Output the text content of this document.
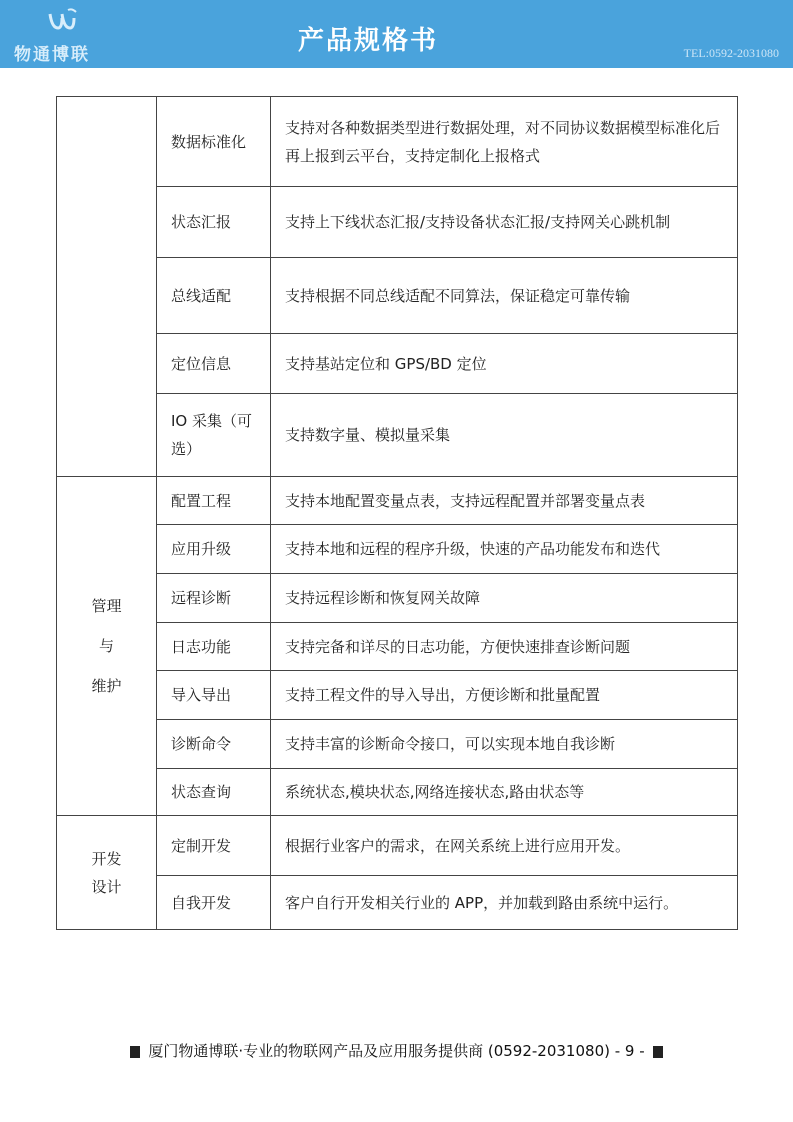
物通博联	产品规格书	TEL:0592-2031080
	数据标准化	支持对各种数据类型进行数据处理，对不同协议数据模型标准化后再上报到云平台，支持定制化上报格式
	状态汇报	支持上下线状态汇报/支持设备状态汇报/支持网关心跳机制
	总线适配	支持根据不同总线适配不同算法，保证稳定可靠传输
	定位信息	支持基站定位和 GPS/BD 定位
	IO 采集（可选）	支持数字量、模拟量采集

管理
与
维护	配置工程	支持本地配置变量点表，支持远程配置并部署变量点表
	应用升级	支持本地和远程的程序升级，快速的产品功能发布和迭代
	远程诊断	支持远程诊断和恢复网关故障
	日志功能	支持完备和详尽的日志功能，方便快速排查诊断问题
	导入导出	支持工程文件的导入导出，方便诊断和批量配置
	诊断命令	支持丰富的诊断命令接口，可以实现本地自我诊断
	状态查询	系统状态,模块状态,网络连接状态,路由状态等

开发
设计	定制开发	根据行业客户的需求，在网关系统上进行应用开发。
	自我开发	客户自行开发相关行业的 APP，并加载到路由系统中运行。
厦门物通博联·专业的物联网产品及应用服务提供商 (0592-2031080) - 9 -
